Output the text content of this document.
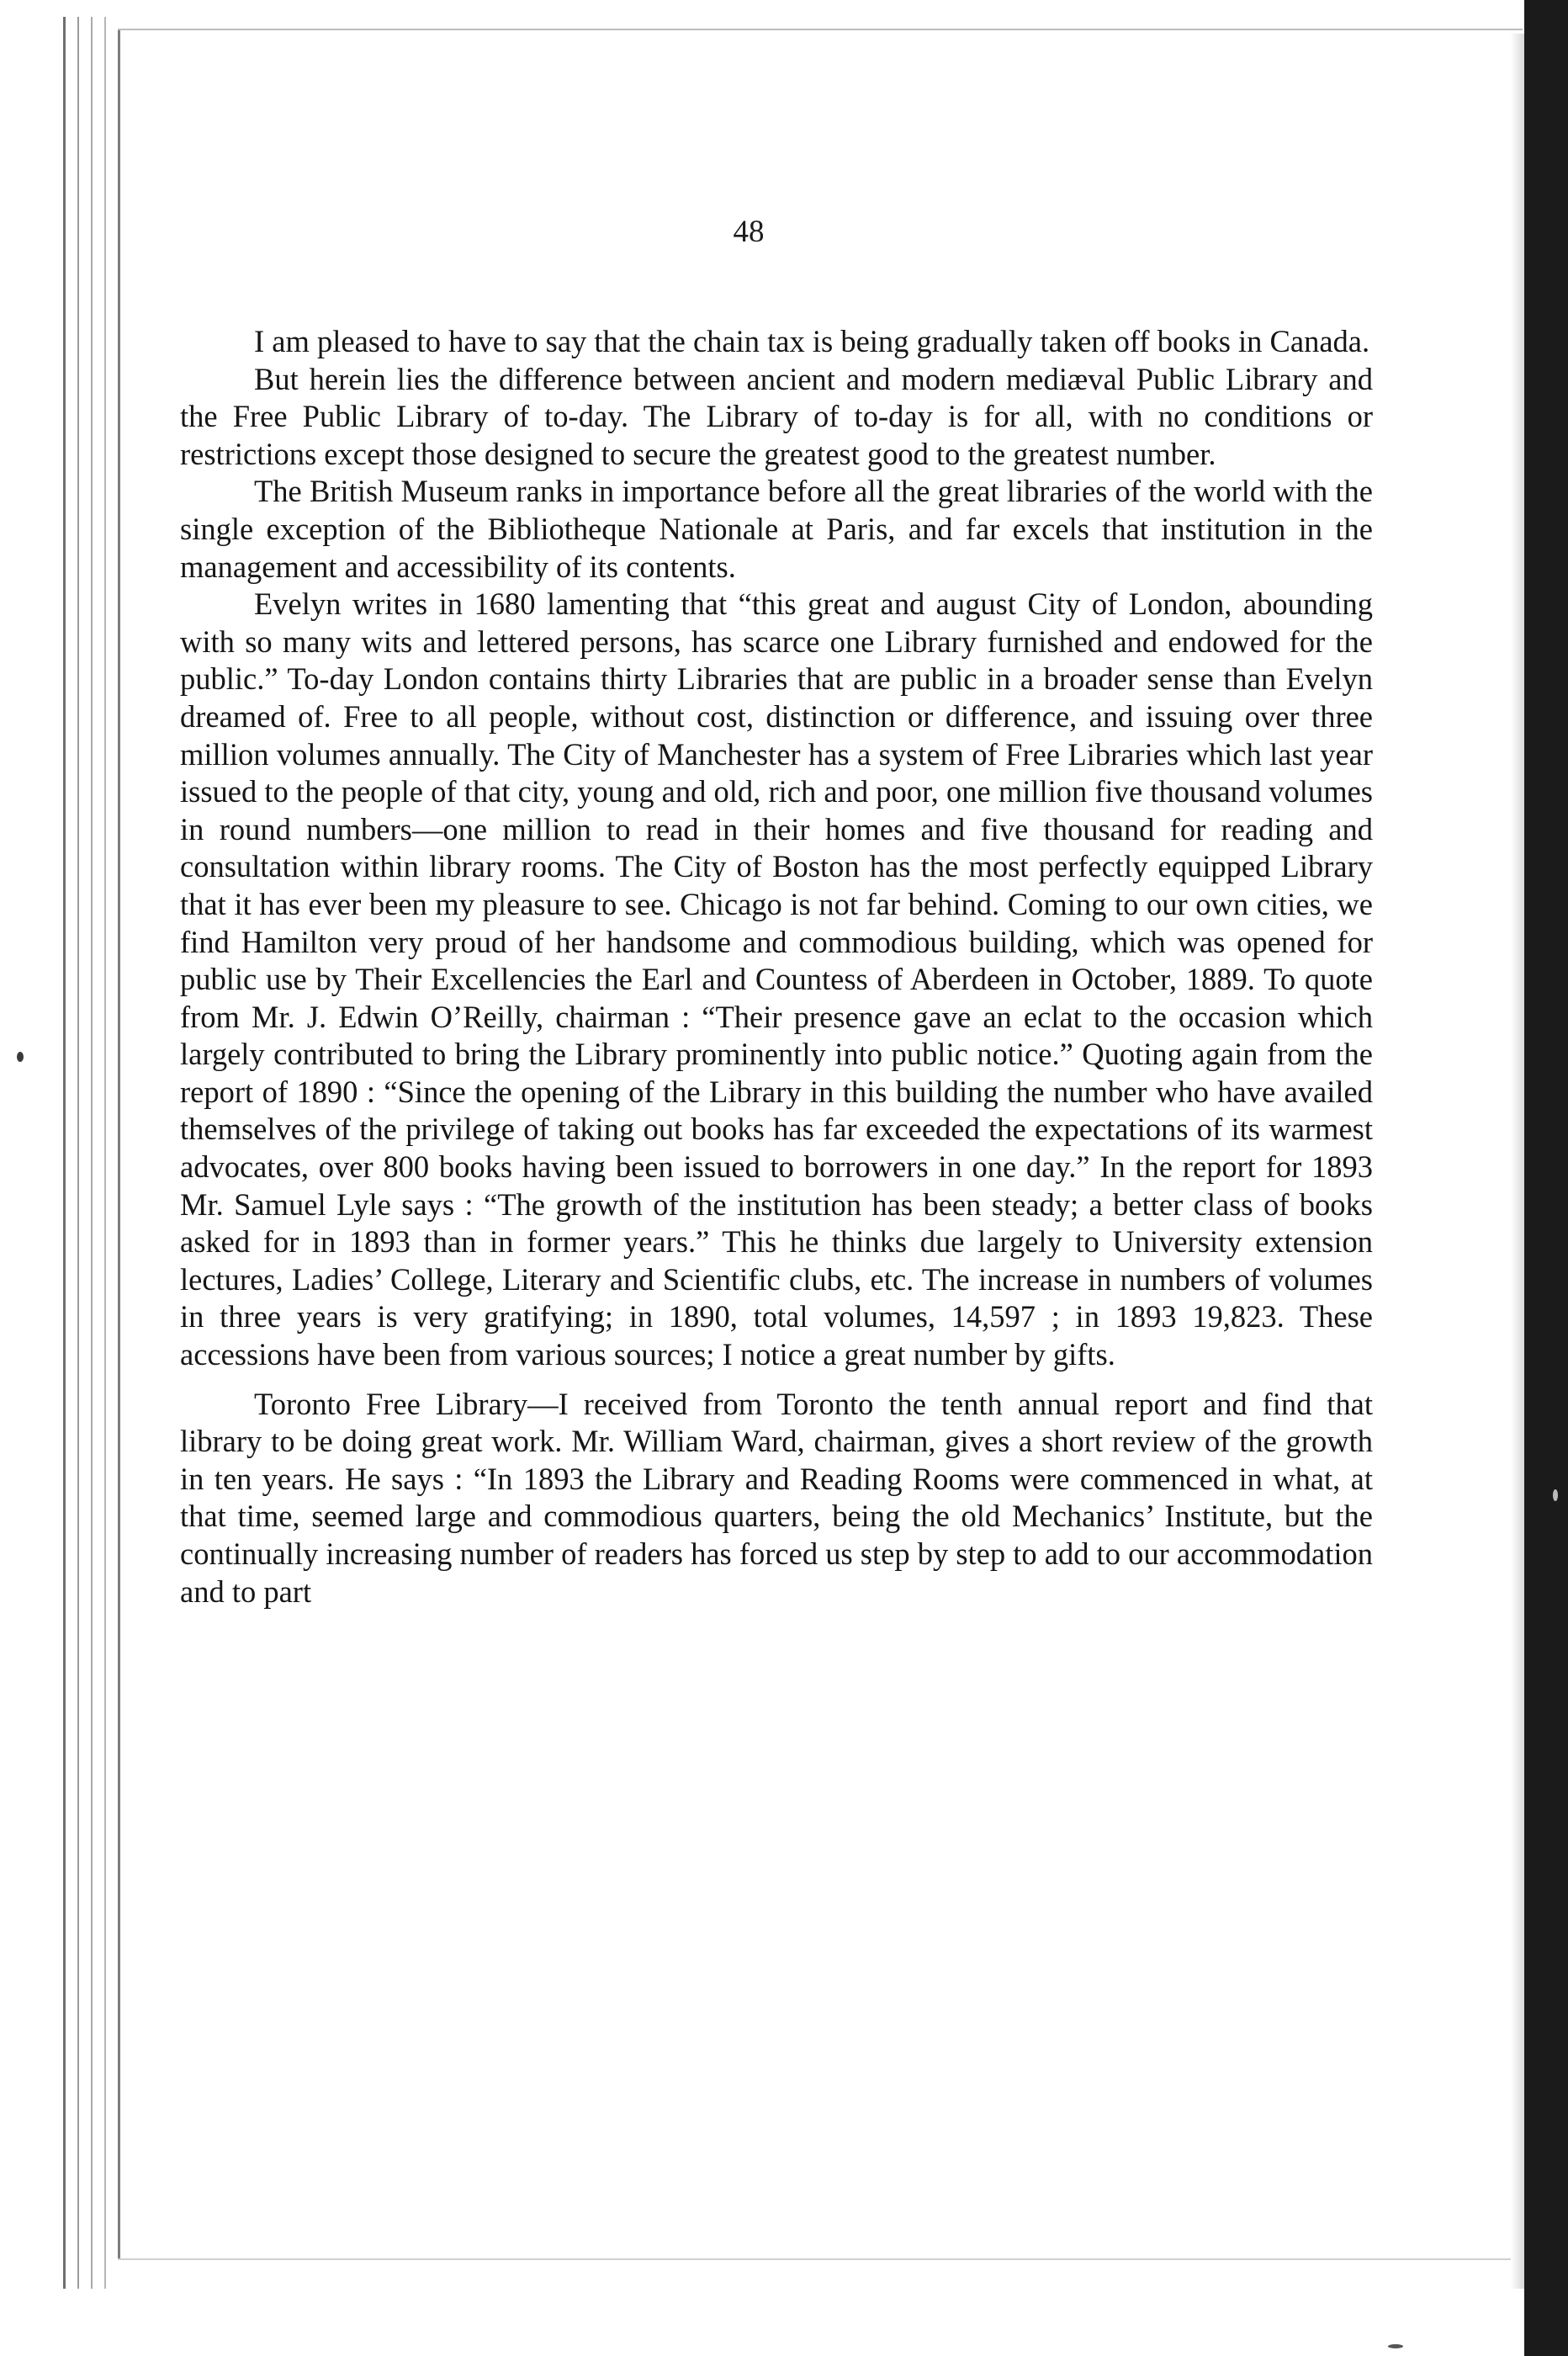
48

I am pleased to have to say that the chain tax is being gradually taken off books in Canada.

But herein lies the difference between ancient and modern mediæval Public Library and the Free Public Library of to-day. The Library of to-day is for all, with no conditions or restrictions except those designed to secure the greatest good to the greatest number.

The British Museum ranks in importance before all the great libraries of the world with the single exception of the Bibliotheque Nationale at Paris, and far excels that institution in the management and accessibility of its contents.

Evelyn writes in 1680 lamenting that “this great and august City of London, abounding with so many wits and lettered persons, has scarce one Library furnished and endowed for the public.” To-day London contains thirty Libraries that are public in a broader sense than Evelyn dreamed of. Free to all people, without cost, distinction or difference, and issuing over three million volumes annually. The City of Manchester has a system of Free Libraries which last year issued to the people of that city, young and old, rich and poor, one million five thousand volumes in round numbers—one million to read in their homes and five thousand for reading and consultation within library rooms. The City of Boston has the most perfectly equipped Library that it has ever been my pleasure to see. Chicago is not far behind. Coming to our own cities, we find Hamilton very proud of her handsome and commodious building, which was opened for public use by Their Excellencies the Earl and Countess of Aberdeen in October, 1889. To quote from Mr. J. Edwin O’Reilly, chairman : “Their presence gave an eclat to the occasion which largely contributed to bring the Library prominently into public notice.” Quoting again from the report of 1890 : “Since the opening of the Library in this building the number who have availed themselves of the privilege of taking out books has far exceeded the expectations of its warmest advocates, over 800 books having been issued to borrowers in one day.” In the report for 1893 Mr. Samuel Lyle says : “The growth of the institution has been steady; a better class of books asked for in 1893 than in former years.” This he thinks due largely to University extension lectures, Ladies’ College, Literary and Scientific clubs, etc. The increase in numbers of volumes in three years is very gratifying; in 1890, total volumes, 14,597 ; in 1893 19,823. These accessions have been from various sources; I notice a great number by gifts.

Toronto Free Library—I received from Toronto the tenth annual report and find that library to be doing great work. Mr. William Ward, chairman, gives a short review of the growth in ten years. He says : “In 1893 the Library and Reading Rooms were commenced in what, at that time, seemed large and commodious quarters, being the old Mechanics’ Institute, but the continually increasing number of readers has forced us step by step to add to our accommodation and to part
